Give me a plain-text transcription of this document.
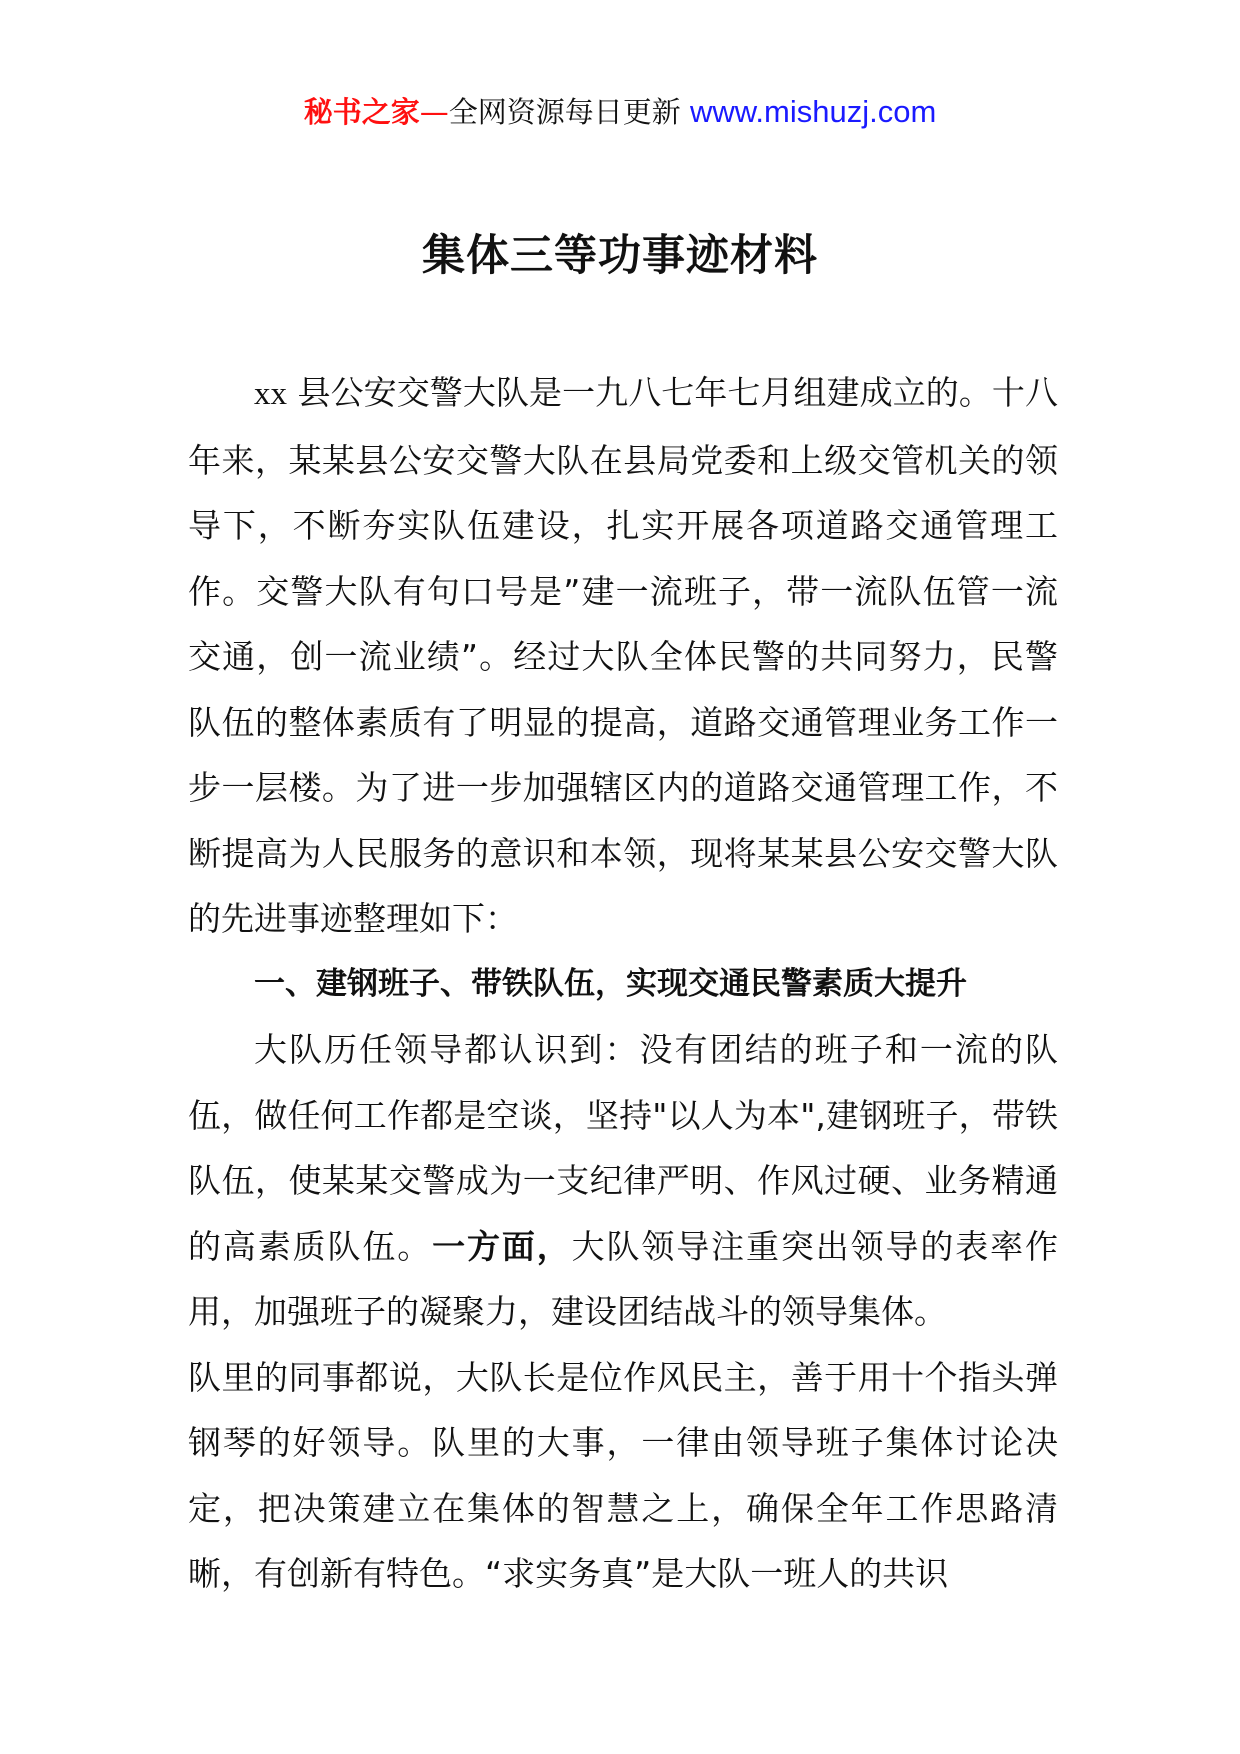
秘书之家—全网资源每日更新 www.mishuzj.com
集体三等功事迹材料

xx 县公安交警大队是一九八七年七月组建成立的。十八年来，某某县公安交警大队在县局党委和上级交管机关的领导下，不断夯实队伍建设，扎实开展各项道路交通管理工作。交警大队有句口号是”建一流班子，带一流队伍管一流交通，创一流业绩”。经过大队全体民警的共同努力，民警队伍的整体素质有了明显的提高，道路交通管理业务工作一步一层楼。为了进一步加强辖区内的道路交通管理工作，不断提高为人民服务的意识和本领，现将某某县公安交警大队的先进事迹整理如下：

一、建钢班子、带铁队伍，实现交通民警素质大提升

大队历任领导都认识到：没有团结的班子和一流的队伍，做任何工作都是空谈，坚持"以人为本",建钢班子，带铁队伍，使某某交警成为一支纪律严明、作风过硬、业务精通的高素质队伍。一方面，大队领导注重突出领导的表率作用，加强班子的凝聚力，建设团结战斗的领导集体。

队里的同事都说，大队长是位作风民主，善于用十个指头弹钢琴的好领导。队里的大事，一律由领导班子集体讨论决定，把决策建立在集体的智慧之上，确保全年工作思路清晰，有创新有特色。“求实务真”是大队一班人的共识
